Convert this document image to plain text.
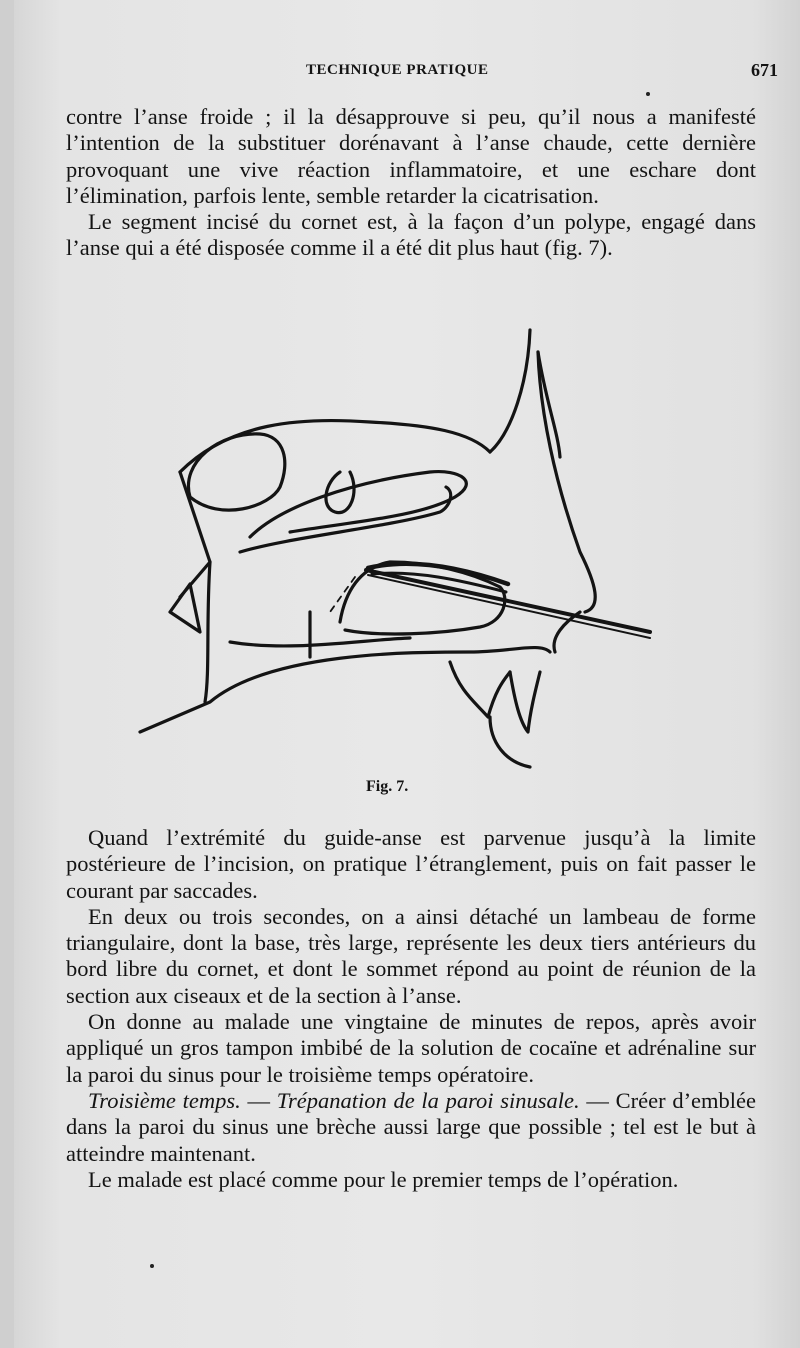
TECHNIQUE PRATIQUE	671

contre l’anse froide ; il la désapprouve si peu, qu’il nous a manifesté l’intention de la substituer dorénavant à l’anse chaude, cette dernière provoquant une vive réaction inflammatoire, et une eschare dont l’élimination, parfois lente, semble retarder la cicatrisation.

Le segment incisé du cornet est, à la façon d’un polype, engagé dans l’anse qui a été disposée comme il a été dit plus haut (fig. 7).

Fig. 7.

Quand l’extrémité du guide-anse est parvenue jusqu’à la limite postérieure de l’incision, on pratique l’étranglement, puis on fait passer le courant par saccades.

En deux ou trois secondes, on a ainsi détaché un lambeau de forme triangulaire, dont la base, très large, représente les deux tiers antérieurs du bord libre du cornet, et dont le sommet répond au point de réunion de la section aux ciseaux et de la section à l’anse.

On donne au malade une vingtaine de minutes de repos, après avoir appliqué un gros tampon imbibé de la solution de cocaïne et adrénaline sur la paroi du sinus pour le troisième temps opératoire.

Troisième temps. — Trépanation de la paroi sinusale. — Créer d’emblée dans la paroi du sinus une brèche aussi large que possible ; tel est le but à atteindre maintenant.

Le malade est placé comme pour le premier temps de l’opération.
